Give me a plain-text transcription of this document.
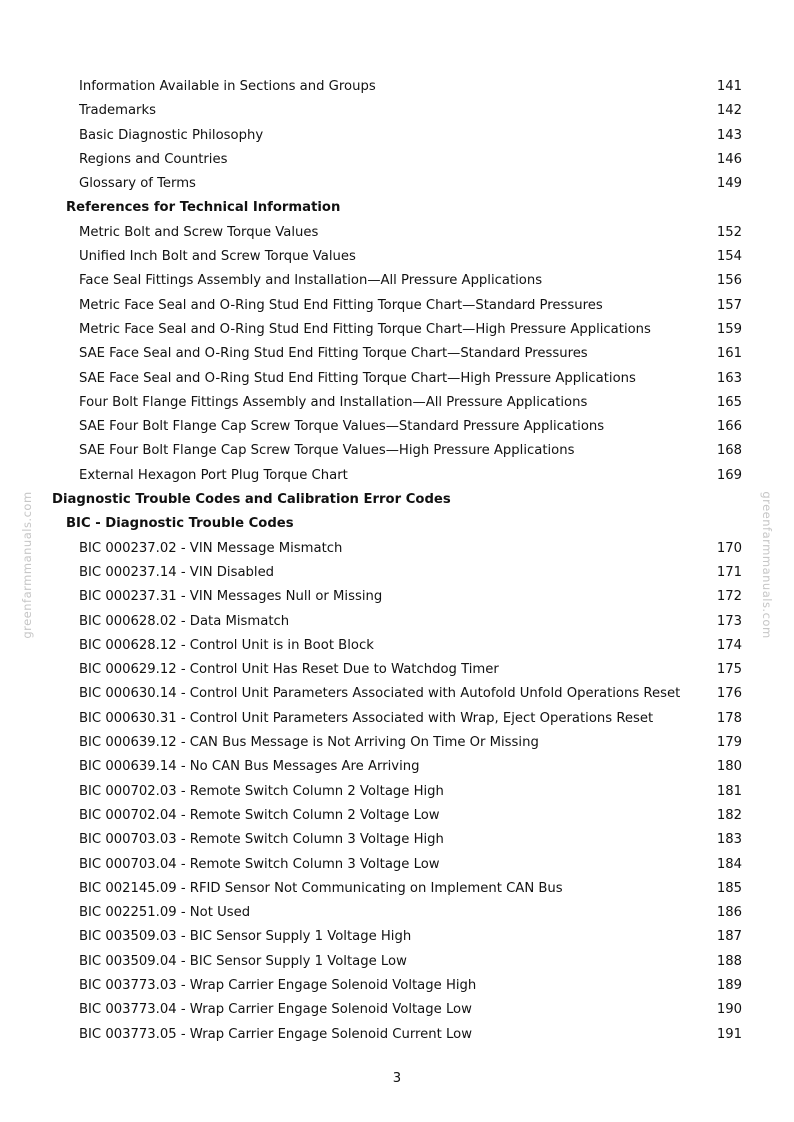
greenfarmmanuals.com	greenfarmmanuals.com
Information Available in Sections and Groups	141
Trademarks	142
Basic Diagnostic Philosophy	143
Regions and Countries	146
Glossary of Terms	149
References for Technical Information
Metric Bolt and Screw Torque Values	152
Unified Inch Bolt and Screw Torque Values	154
Face Seal Fittings Assembly and Installation—All Pressure Applications	156
Metric Face Seal and O-Ring Stud End Fitting Torque Chart—Standard Pressures	157
Metric Face Seal and O-Ring Stud End Fitting Torque Chart—High Pressure Applications	159
SAE Face Seal and O-Ring Stud End Fitting Torque Chart—Standard Pressures	161
SAE Face Seal and O-Ring Stud End Fitting Torque Chart—High Pressure Applications	163
Four Bolt Flange Fittings Assembly and Installation—All Pressure Applications	165
SAE Four Bolt Flange Cap Screw Torque Values—Standard Pressure Applications	166
SAE Four Bolt Flange Cap Screw Torque Values—High Pressure Applications	168
External Hexagon Port Plug Torque Chart	169
Diagnostic Trouble Codes and Calibration Error Codes
BIC - Diagnostic Trouble Codes
BIC 000237.02 - VIN Message Mismatch	170
BIC 000237.14 - VIN Disabled	171
BIC 000237.31 - VIN Messages Null or Missing	172
BIC 000628.02 - Data Mismatch	173
BIC 000628.12 - Control Unit is in Boot Block	174
BIC 000629.12 - Control Unit Has Reset Due to Watchdog Timer	175
BIC 000630.14 - Control Unit Parameters Associated with Autofold Unfold Operations Reset	176
BIC 000630.31 - Control Unit Parameters Associated with Wrap, Eject Operations Reset	178
BIC 000639.12 - CAN Bus Message is Not Arriving On Time Or Missing	179
BIC 000639.14 - No CAN Bus Messages Are Arriving	180
BIC 000702.03 - Remote Switch Column 2 Voltage High	181
BIC 000702.04 - Remote Switch Column 2 Voltage Low	182
BIC 000703.03 - Remote Switch Column 3 Voltage High	183
BIC 000703.04 - Remote Switch Column 3 Voltage Low	184
BIC 002145.09 - RFID Sensor Not Communicating on Implement CAN Bus	185
BIC 002251.09 - Not Used	186
BIC 003509.03 - BIC Sensor Supply 1 Voltage High	187
BIC 003509.04 - BIC Sensor Supply 1 Voltage Low	188
BIC 003773.03 - Wrap Carrier Engage Solenoid Voltage High	189
BIC 003773.04 - Wrap Carrier Engage Solenoid Voltage Low	190
BIC 003773.05 - Wrap Carrier Engage Solenoid Current Low	191
3
